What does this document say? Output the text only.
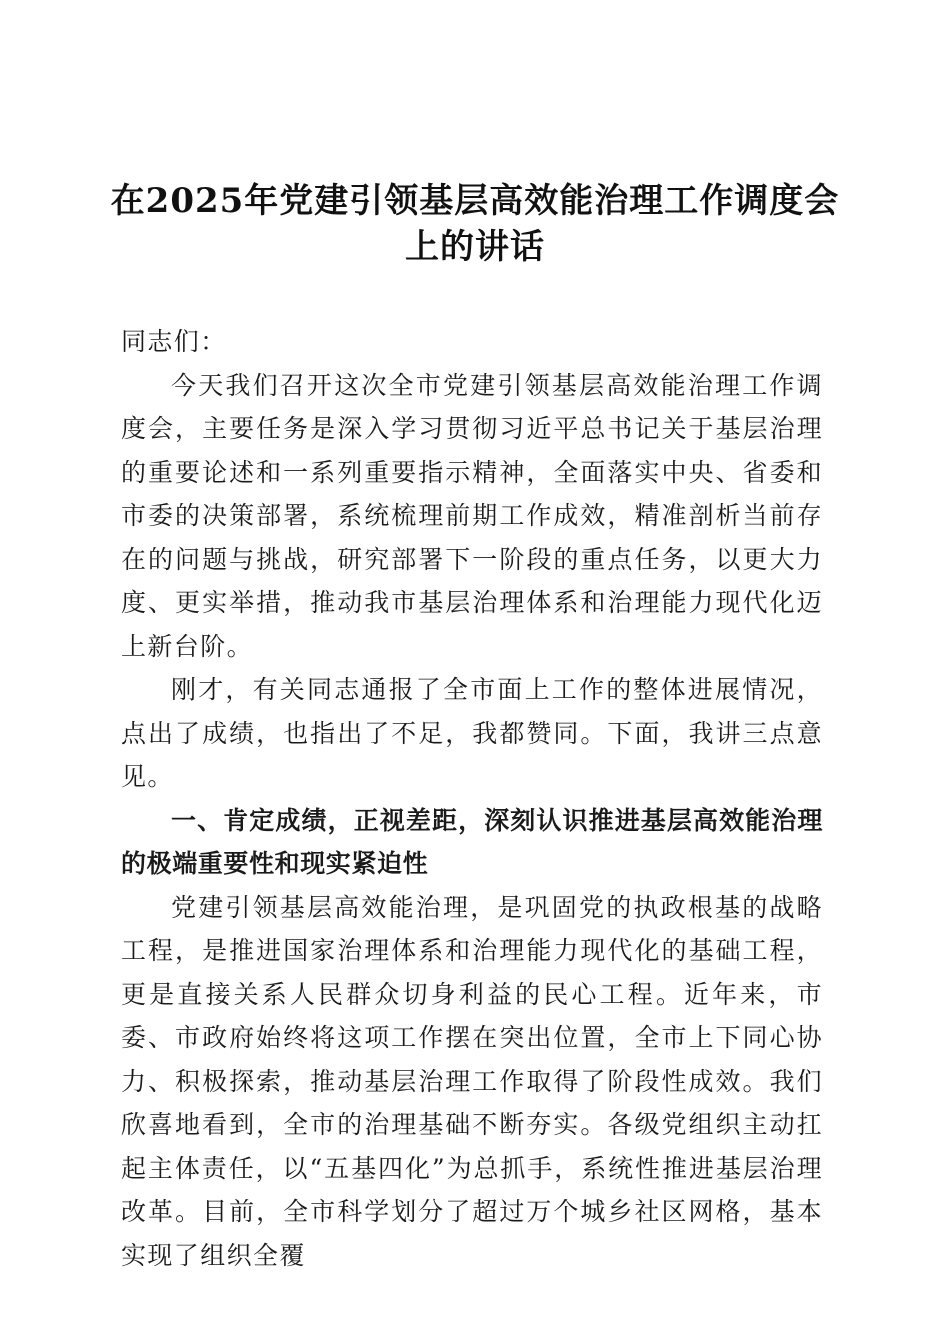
在2025年党建引领基层高效能治理工作调度会上的讲话

同志们：

今天我们召开这次全市党建引领基层高效能治理工作调度会，主要任务是深入学习贯彻习近平总书记关于基层治理的重要论述和一系列重要指示精神，全面落实中央、省委和市委的决策部署，系统梳理前期工作成效，精准剖析当前存在的问题与挑战，研究部署下一阶段的重点任务，以更大力度、更实举措，推动我市基层治理体系和治理能力现代化迈上新台阶。

刚才，有关同志通报了全市面上工作的整体进展情况，点出了成绩，也指出了不足，我都赞同。下面，我讲三点意见。

一、肯定成绩，正视差距，深刻认识推进基层高效能治理的极端重要性和现实紧迫性

党建引领基层高效能治理，是巩固党的执政根基的战略工程，是推进国家治理体系和治理能力现代化的基础工程，更是直接关系人民群众切身利益的民心工程。近年来，市委、市政府始终将这项工作摆在突出位置，全市上下同心协力、积极探索，推动基层治理工作取得了阶段性成效。我们欣喜地看到，全市的治理基础不断夯实。各级党组织主动扛起主体责任，以“五基四化”为总抓手，系统性推进基层治理改革。目前，全市科学划分了超过万个城乡社区网格，基本实现了组织全覆
